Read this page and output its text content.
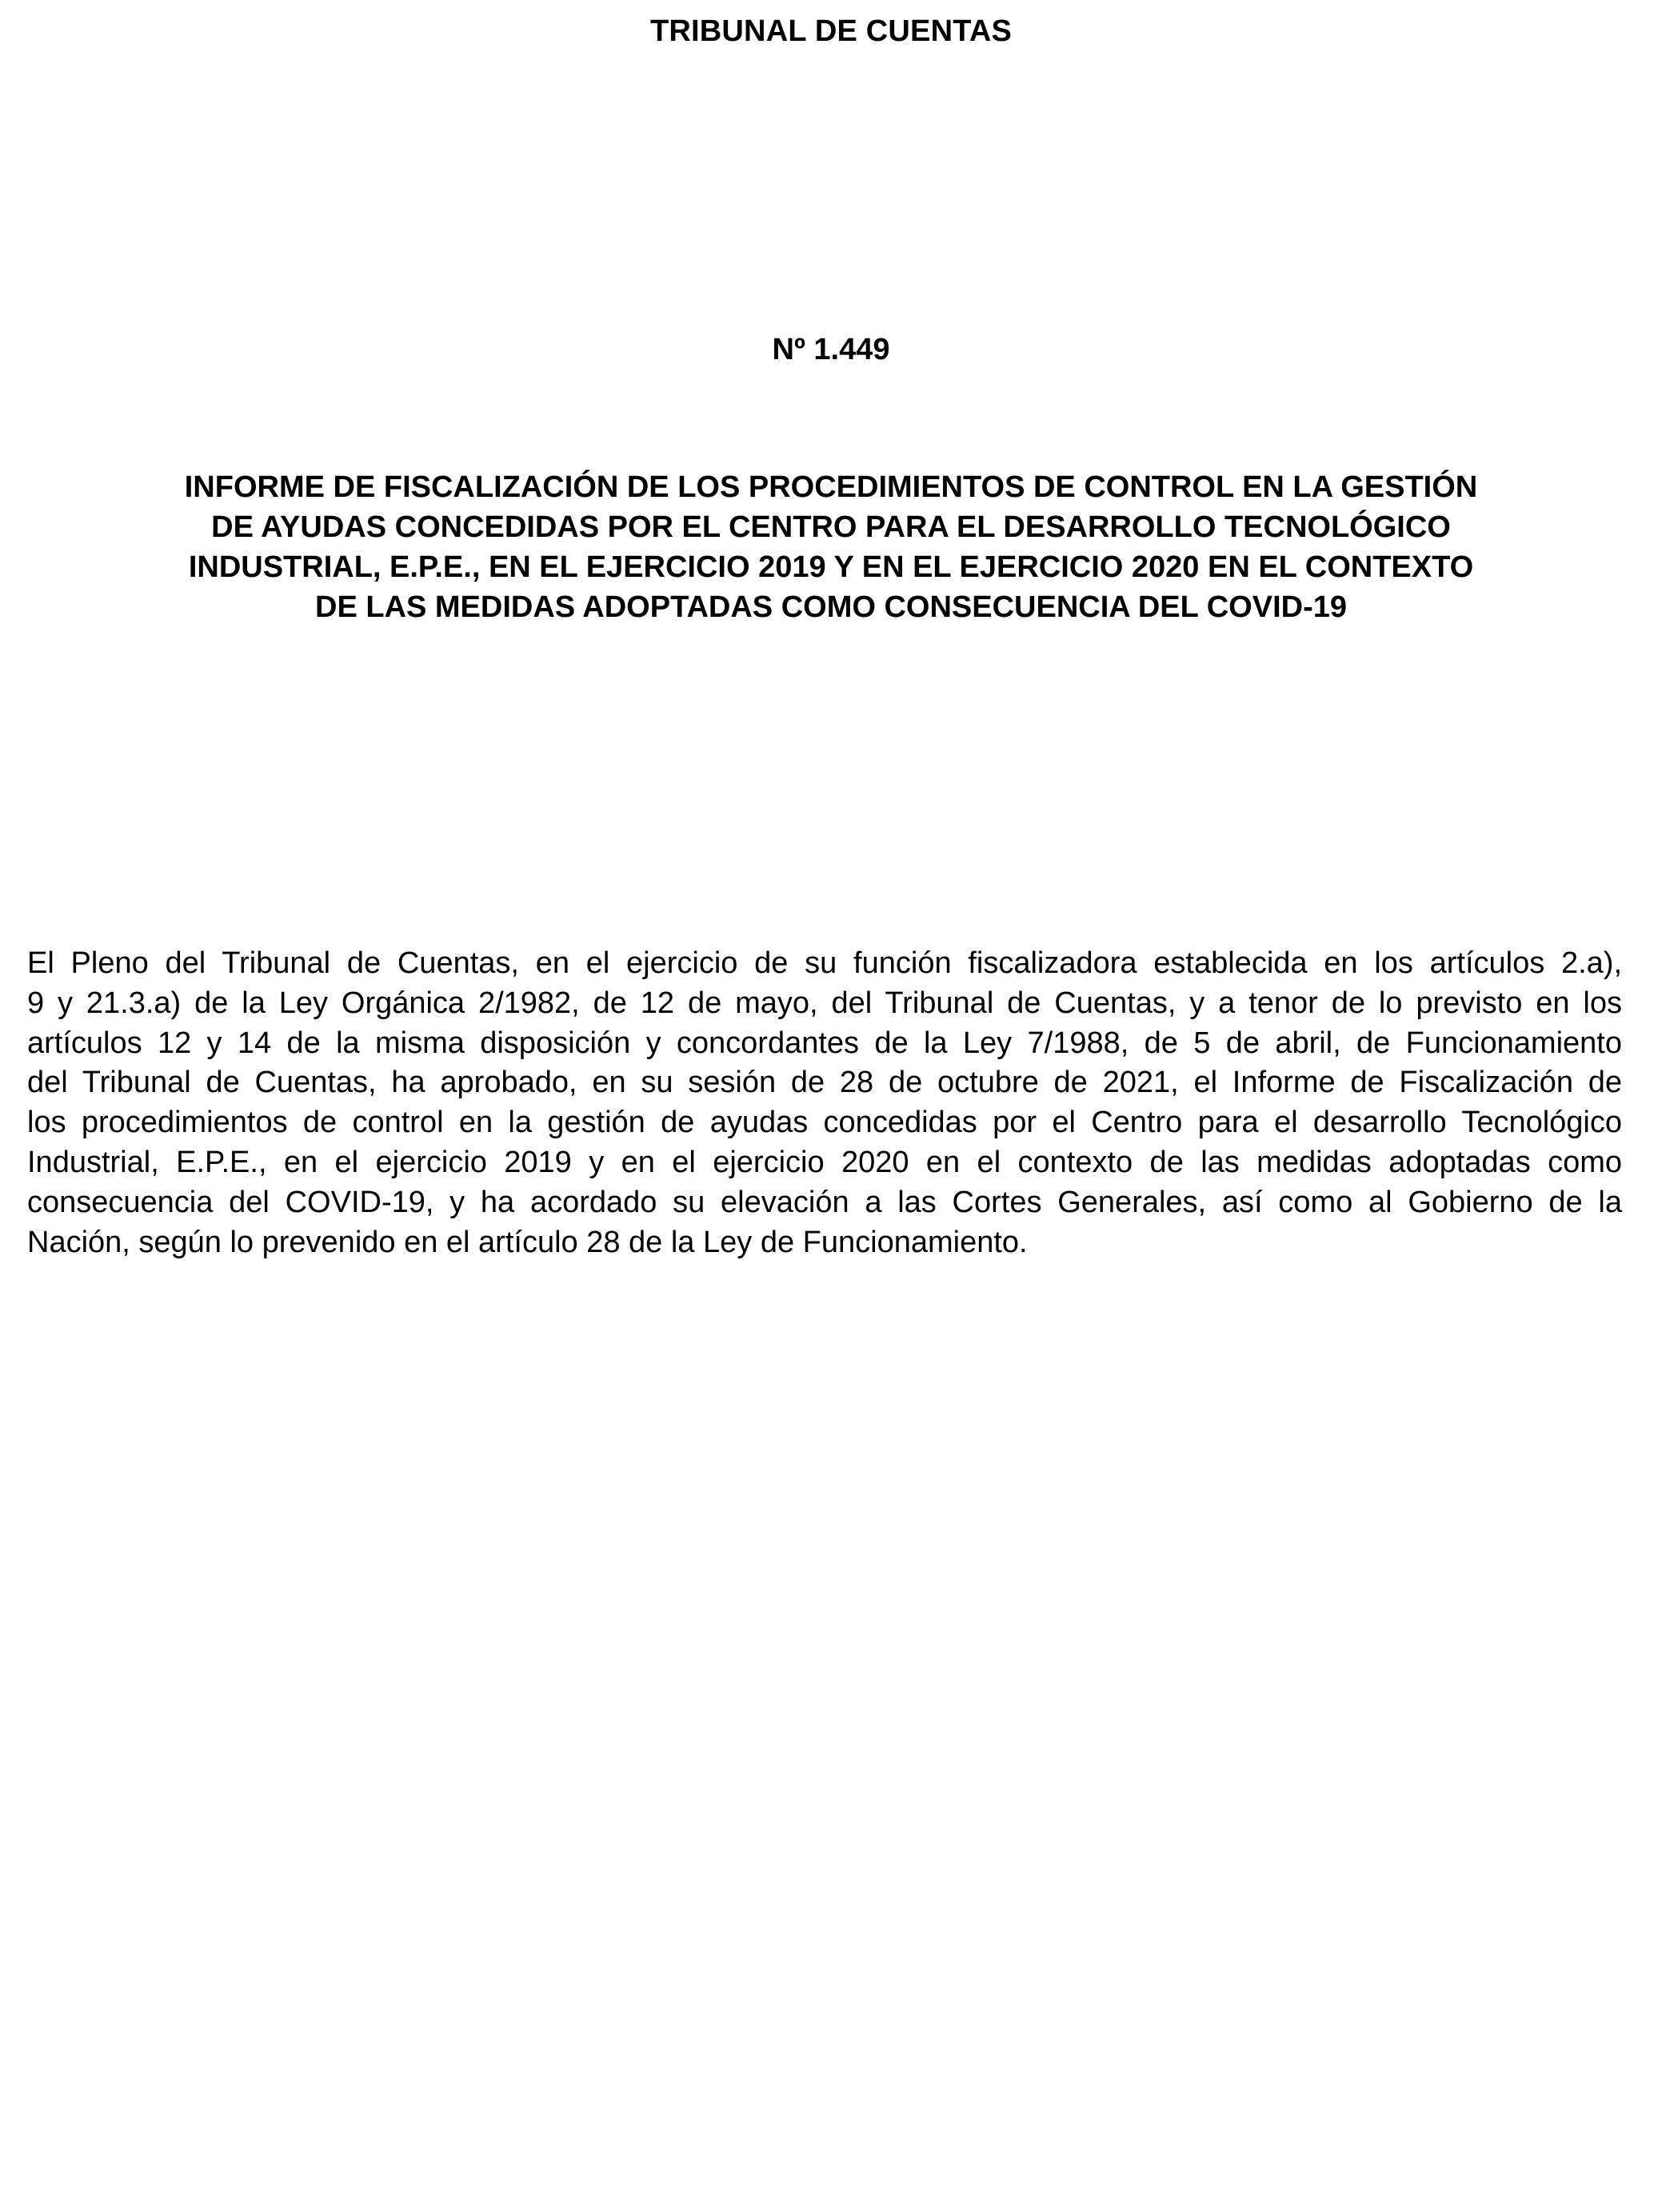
TRIBUNAL DE CUENTAS
Nº 1.449
INFORME DE FISCALIZACIÓN DE LOS PROCEDIMIENTOS DE CONTROL EN LA GESTIÓN
DE AYUDAS CONCEDIDAS POR EL CENTRO PARA EL DESARROLLO TECNOLÓGICO
INDUSTRIAL, E.P.E., EN EL EJERCICIO 2019 Y EN EL EJERCICIO 2020 EN EL CONTEXTO
DE LAS MEDIDAS ADOPTADAS COMO CONSECUENCIA DEL COVID-19
El Pleno del Tribunal de Cuentas, en el ejercicio de su función fiscalizadora establecida en los artículos 2.a),
9 y 21.3.a) de la Ley Orgánica 2/1982, de 12 de mayo, del Tribunal de Cuentas, y a tenor de lo previsto en los
artículos 12 y 14 de la misma disposición y concordantes de la Ley 7/1988, de 5 de abril, de Funcionamiento
del Tribunal de Cuentas, ha aprobado, en su sesión de 28 de octubre de 2021, el Informe de Fiscalización de
los procedimientos de control en la gestión de ayudas concedidas por el Centro para el desarrollo Tecnológico
Industrial, E.P.E., en el ejercicio 2019 y en el ejercicio 2020 en el contexto de las medidas adoptadas como
consecuencia del COVID-19, y ha acordado su elevación a las Cortes Generales, así como al Gobierno de la
Nación, según lo prevenido en el artículo 28 de la Ley de Funcionamiento.
